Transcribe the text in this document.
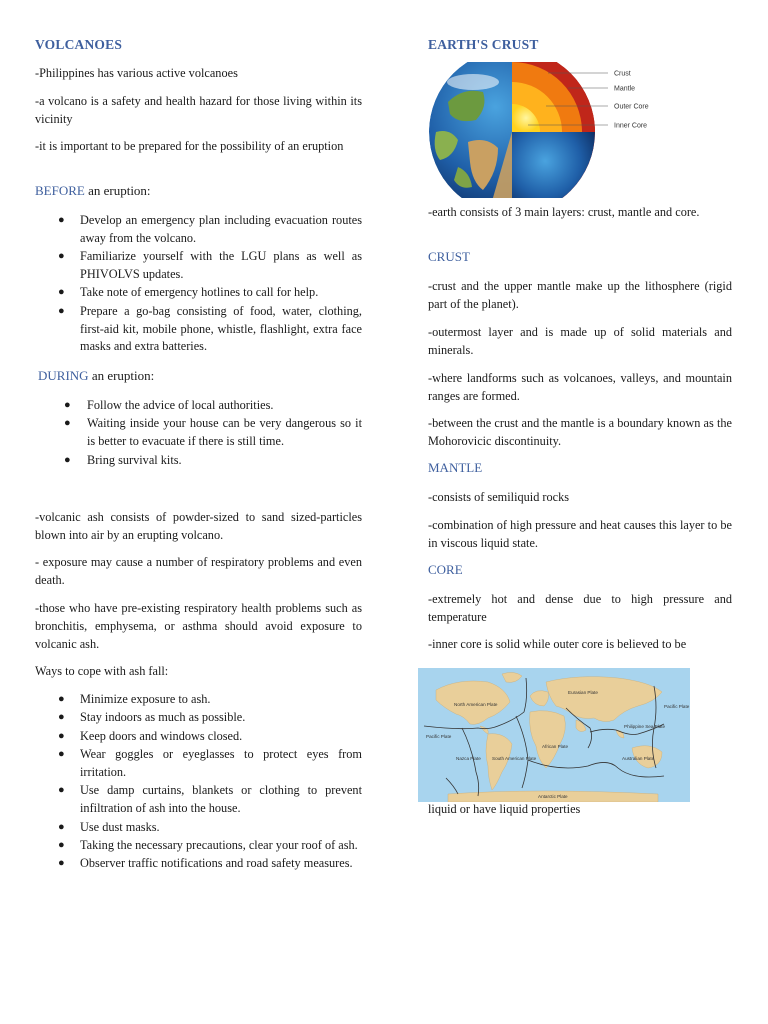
VOLCANOES

-Philippines has various active volcanoes

-a volcano is a safety and health hazard for those living within its vicinity

-it is important to be prepared for the possibility of an eruption

BEFORE an eruption:
● Develop an emergency plan including evacuation routes away from the volcano.
● Familiarize yourself with the LGU plans as well as PHIVOLVS updates.
● Take note of emergency hotlines to call for help.
● Prepare a go-bag consisting of food, water, clothing, first-aid kit, mobile phone, whistle, flashlight, extra face masks and extra batteries.
DURING an eruption:
● Follow the advice of local authorities.
● Waiting inside your house can be very dangerous so it is better to evacuate if there is still time.
● Bring survival kits.

-volcanic ash consists of powder-sized to sand sized-particles blown into air by an erupting volcano.

- exposure may cause a number of respiratory problems and even death.

-those who have pre-existing respiratory health problems such as bronchitis, emphysema, or asthma should avoid exposure to volcanic ash.

Ways to cope with ash fall:

● Minimize exposure to ash.
● Stay indoors as much as possible.
● Keep doors and windows closed.
● Wear goggles or eyeglasses to protect eyes from irritation.
● Use damp curtains, blankets or clothing to prevent infiltration of ash into the house.
● Use dust masks.
● Taking the necessary precautions, clear your roof of ash.
● Observer traffic notifications and road safety measures.
EARTH'S CRUST
Crust
Mantle
Outer Core
Inner Core

-earth consists of 3 main layers: crust, mantle and core.

CRUST

-crust and the upper mantle make up the lithosphere (rigid part of the planet).

-outermost layer and is made up of solid materials and minerals.

-where landforms such as volcanoes, valleys, and mountain ranges are formed.

-between the crust and the mantle is a boundary known as the Mohorovicic discontinuity.

MANTLE

-consists of semiliquid rocks

-combination of high pressure and heat causes this layer to be in viscous liquid state.

CORE

-extremely hot and dense due to high pressure and temperature

-inner core is solid while outer core is believed to be

North American Plate
Eurasian Plate
Pacific Plate
Pacific Plate
African Plate
Nazca Plate South American Plate	Australian Plate
Antarctic Plate
Philippine Sea Plate

liquid or have liquid properties
